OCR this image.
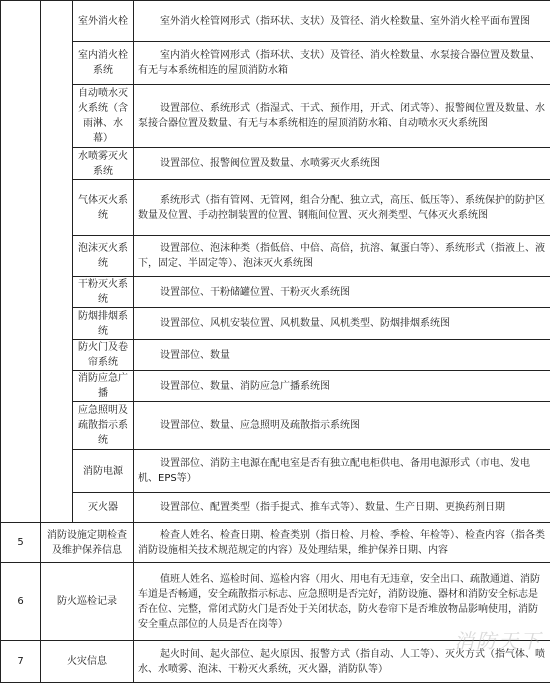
		室外消火栓	室外消火栓管网形式（指环状、支状）及管径、消火栓数量、室外消火栓平面布置图
		室内消火栓系统	室内消火栓管网形式（指环状、支状）及管径、消火栓数量、水泵接合器位置及数量、有无与本系统相连的屋顶消防水箱
		自动喷水灭火系统（含雨淋、水幕）	设置部位、系统形式（指湿式、干式、预作用，开式、闭式等）、报警阀位置及数量、水泵接合器位置及数量、有无与本系统相连的屋顶消防水箱、自动喷水灭火系统图
		水喷雾灭火系统	设置部位、报警阀位置及数量、水喷雾灭火系统图
		气体灭火系统	系统形式（指有管网、无管网，组合分配、独立式，高压、低压等）、系统保护的防护区数量及位置、手动控制装置的位置、钢瓶间位置、灭火剂类型、气体灭火系统图
		泡沫灭火系统	设置部位、泡沫种类（指低倍、中倍、高倍，抗溶、氟蛋白等）、系统形式（指液上、液下，固定、半固定等）、泡沫灭火系统图
		干粉灭火系统	设置部位、干粉储罐位置、干粉灭火系统图
		防烟排烟系统	设置部位、风机安装位置、风机数量、风机类型、防烟排烟系统图
		防火门及卷帘系统	设置部位、数量
		消防应急广播	设置部位、数量、消防应急广播系统图
		应急照明及疏散指示系统	设置部位、数量、应急照明及疏散指示系统图
		消防电源	设置部位、消防主电源在配电室是否有独立配电柜供电、备用电源形式（市电、发电机、EPS等）
		灭火器	设置部位、配置类型（指手提式、推车式等）、数量、生产日期、更换药剂日期
5	消防设施定期检查及维护保养信息		检查人姓名、检查日期、检查类别（指日检、月检、季检、年检等）、检查内容（指各类消防设施相关技术规范规定的内容）及处理结果，维护保养日期、内容
6	防火巡检记录		值班人姓名、巡检时间、巡检内容（用火、用电有无违章，安全出口、疏散通道、消防车道是否畅通，安全疏散指示标志、应急照明是否完好，消防设施、器材和消防安全标志是否在位、完整，常闭式防火门是否处于关闭状态，防火卷帘下是否堆放物品影响使用，消防安全重点部位的人员是否在岗等）
7	火灾信息		起火时间、起火部位、起火原因、报警方式（指自动、人工等）、灭火方式（指气体、喷水、水喷雾、泡沫、干粉灭火系统，灭火器，消防队等）
消防天下
